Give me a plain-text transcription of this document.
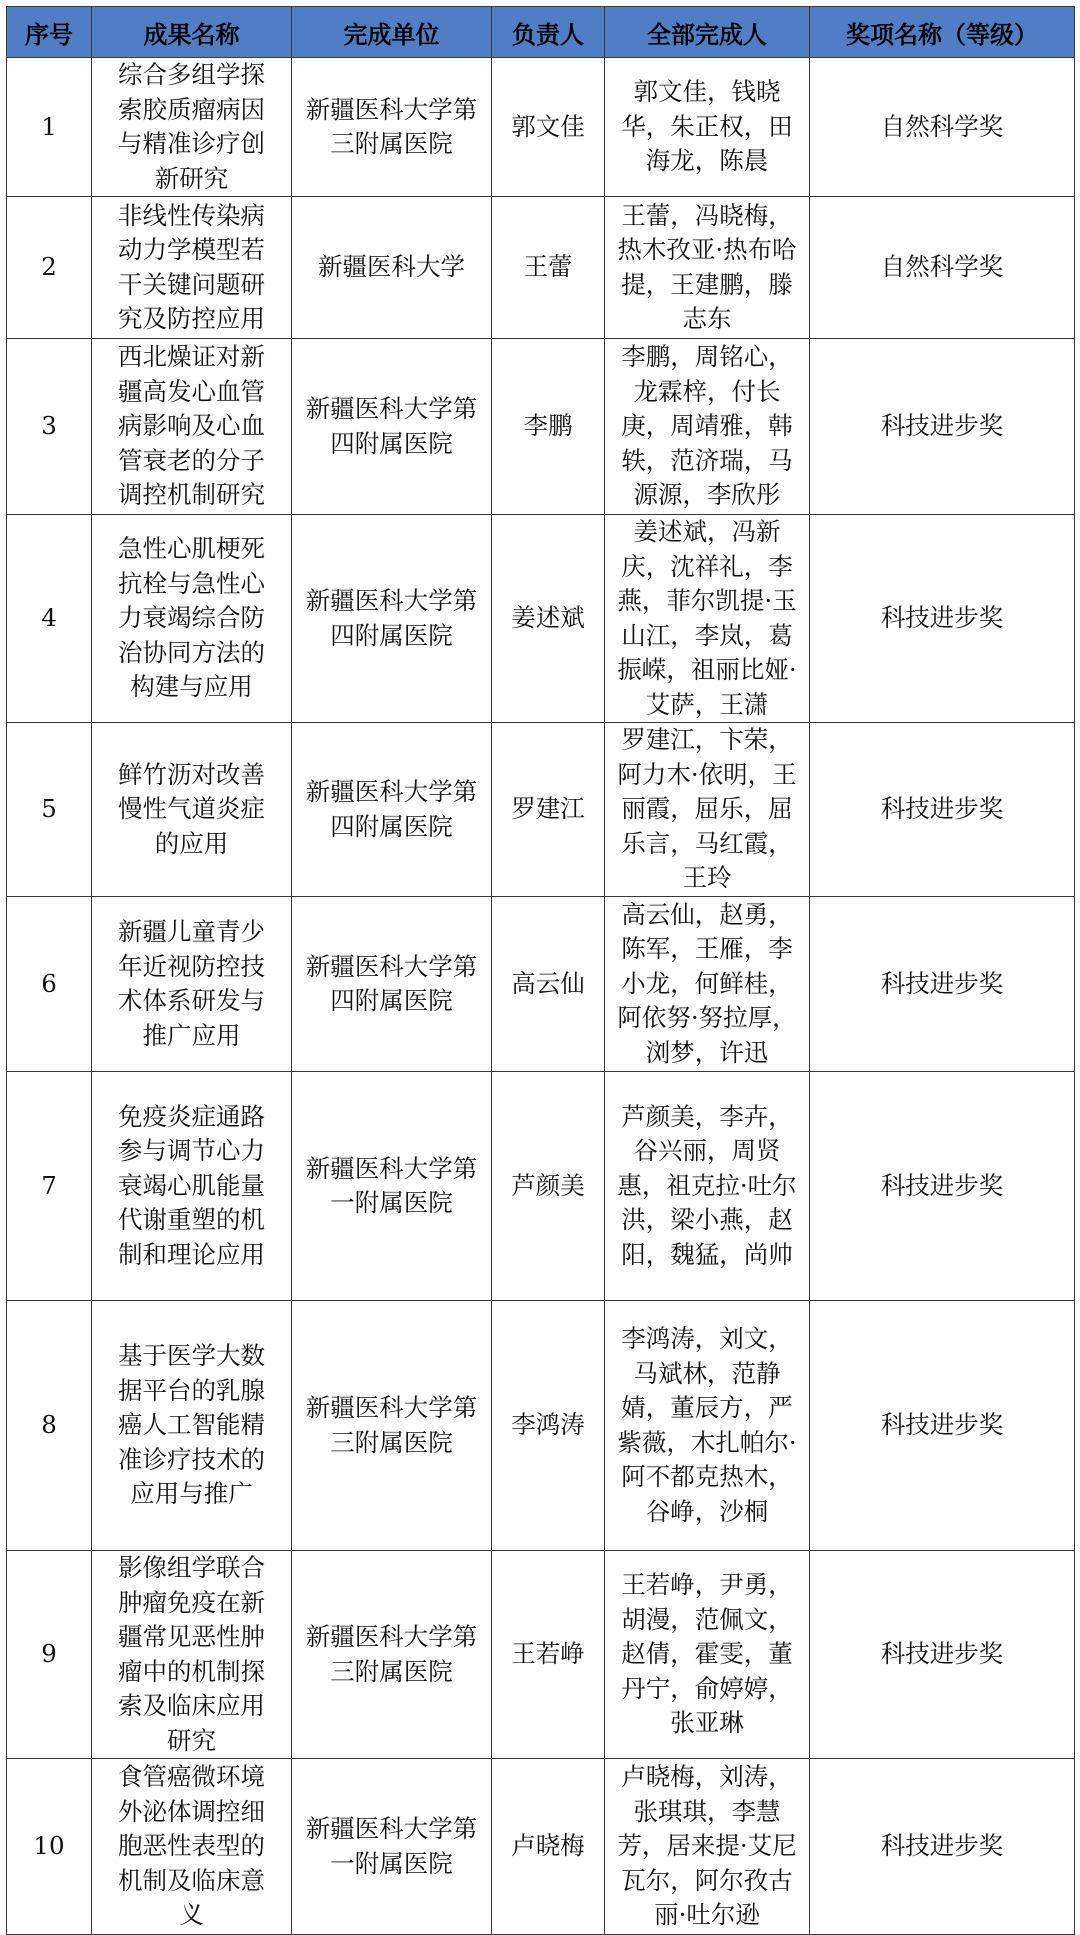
序号	成果名称	完成单位	负责人	全部完成人	奖项名称（等级）
1	综合多组学探索胶质瘤病因与精准诊疗创新研究	新疆医科大学第三附属医院	郭文佳	郭文佳，钱晓华，朱正权，田海龙，陈晨	自然科学奖
2	非线性传染病动力学模型若干关键问题研究及防控应用	新疆医科大学	王蕾	王蕾，冯晓梅，热木孜亚·热布哈提，王建鹏，滕志东	自然科学奖
3	西北燥证对新疆高发心血管病影响及心血管衰老的分子调控机制研究	新疆医科大学第四附属医院	李鹏	李鹏，周铭心，龙霖梓，付长庚，周靖雅，韩轶，范济瑞，马源源，李欣彤	科技进步奖
4	急性心肌梗死抗栓与急性心力衰竭综合防治协同方法的构建与应用	新疆医科大学第四附属医院	姜述斌	姜述斌，冯新庆，沈祥礼，李燕，菲尔凯提·玉山江，李岚，葛振嵘，祖丽比娅·艾萨，王潇	科技进步奖
5	鲜竹沥对改善慢性气道炎症的应用	新疆医科大学第四附属医院	罗建江	罗建江，卞荣，阿力木·依明，王丽霞，屈乐，屈乐言，马红霞，王玲	科技进步奖
6	新疆儿童青少年近视防控技术体系研发与推广应用	新疆医科大学第四附属医院	高云仙	高云仙，赵勇，陈军，王雁，李小龙，何鲜桂，阿依努·努拉厚，浏梦，许迅	科技进步奖
7	免疫炎症通路参与调节心力衰竭心肌能量代谢重塑的机制和理论应用	新疆医科大学第一附属医院	芦颜美	芦颜美，李卉，谷兴丽，周贤惠，祖克拉·吐尔洪，梁小燕，赵阳，魏猛，尚帅	科技进步奖
8	基于医学大数据平台的乳腺癌人工智能精准诊疗技术的应用与推广	新疆医科大学第三附属医院	李鸿涛	李鸿涛，刘文，马斌林，范静婧，董辰方，严紫薇，木扎帕尔·阿不都克热木，谷峥，沙桐	科技进步奖
9	影像组学联合肿瘤免疫在新疆常见恶性肿瘤中的机制探索及临床应用研究	新疆医科大学第三附属医院	王若峥	王若峥，尹勇，胡漫，范佩文，赵倩，霍雯，董丹宁，俞婷婷，张亚琳	科技进步奖
10	食管癌微环境外泌体调控细胞恶性表型的机制及临床意义	新疆医科大学第一附属医院	卢晓梅	卢晓梅，刘涛，张琪琪，李慧芳，居来提·艾尼瓦尔，阿尔孜古丽·吐尔逊	科技进步奖
